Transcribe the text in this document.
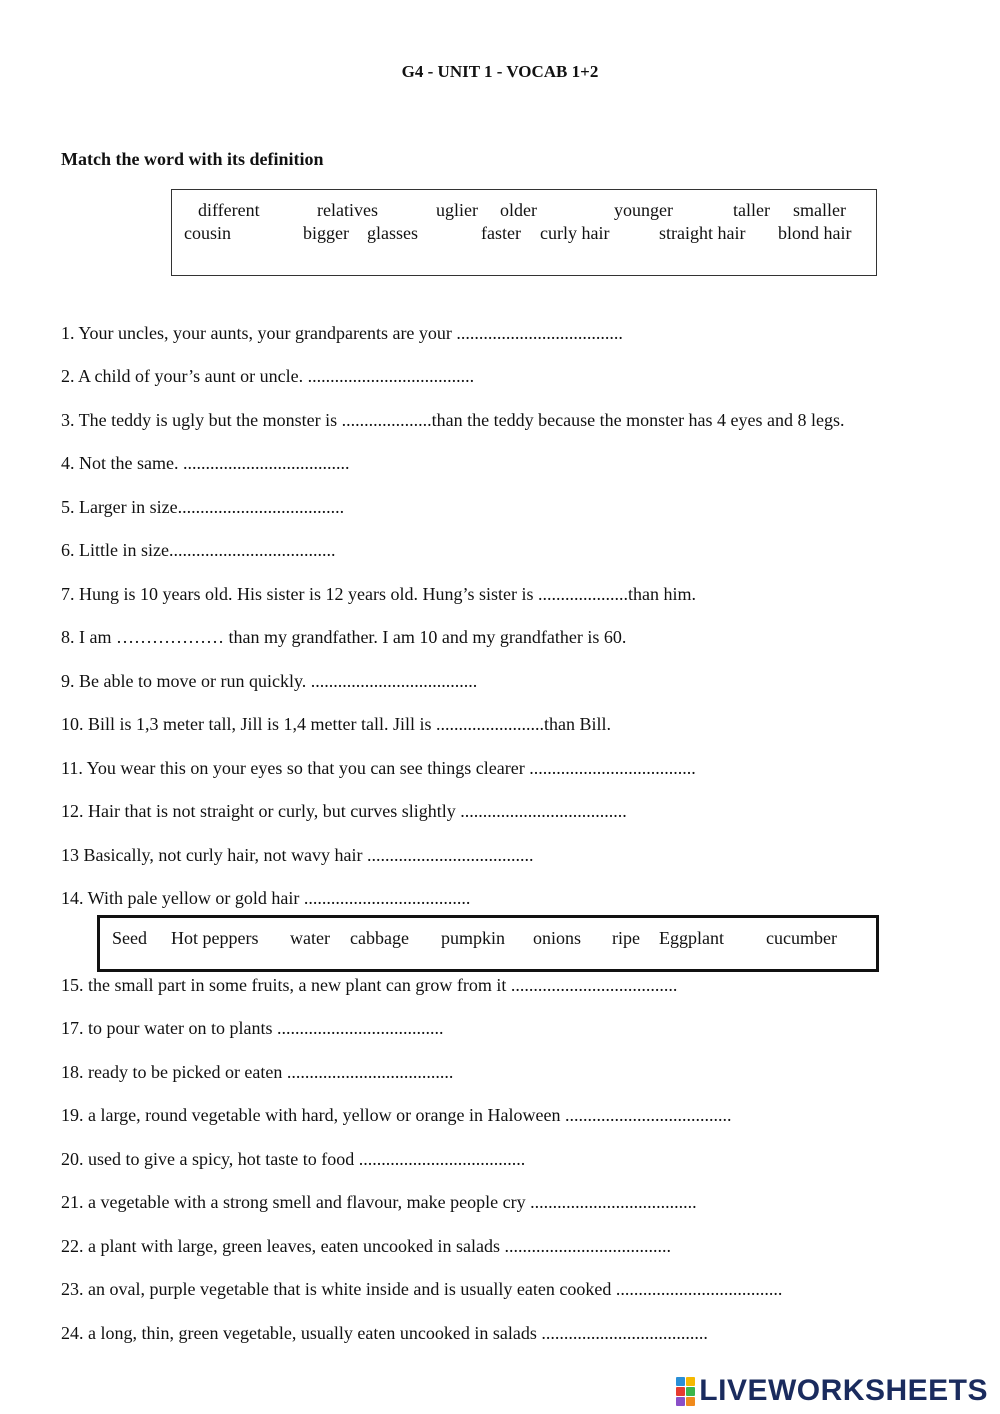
G4 - UNIT 1 - VOCAB 1+2
Match the word with its definition
different	relatives	uglier older	younger	taller smaller
cousin	bigger glasses	faster curly hair	straight hair blond hair
1. Your uncles, your aunts, your grandparents are your .....................................
2. A child of your’s aunt or uncle. .....................................
3. The teddy is ugly but the monster is ....................than the teddy because the monster has 4 eyes and 8 legs.
4. Not the same. .....................................
5. Larger in size.....................................
6. Little in size.....................................
7. Hung is 10 years old. His sister is 12 years old. Hung’s sister is ....................than him.
8. I am ……………… than my grandfather. I am 10 and my grandfather is 60.
9. Be able to move or run quickly. .....................................
10. Bill is 1,3 meter tall, Jill is 1,4 metter tall. Jill is ........................than Bill.
11. You wear this on your eyes so that you can see things clearer .....................................
12. Hair that is not straight or curly, but curves slightly .....................................
13 Basically, not curly hair, not wavy hair .....................................
14. With pale yellow or gold hair .....................................
Seed Hot peppers water cabbage pumpkin onions ripe Eggplant cucumber
15. the small part in some fruits, a new plant can grow from it .....................................
17. to pour water on to plants .....................................
18. ready to be picked or eaten .....................................
19. a large, round vegetable with hard, yellow or orange in Haloween .....................................
20. used to give a spicy, hot taste to food .....................................
21. a vegetable with a strong smell and flavour, make people cry .....................................
22. a plant with large, green leaves, eaten uncooked in salads .....................................
23. an oval, purple vegetable that is white inside and is usually eaten cooked .....................................
24. a long, thin, green vegetable, usually eaten uncooked in salads .....................................
LIVEWORKSHEETS
